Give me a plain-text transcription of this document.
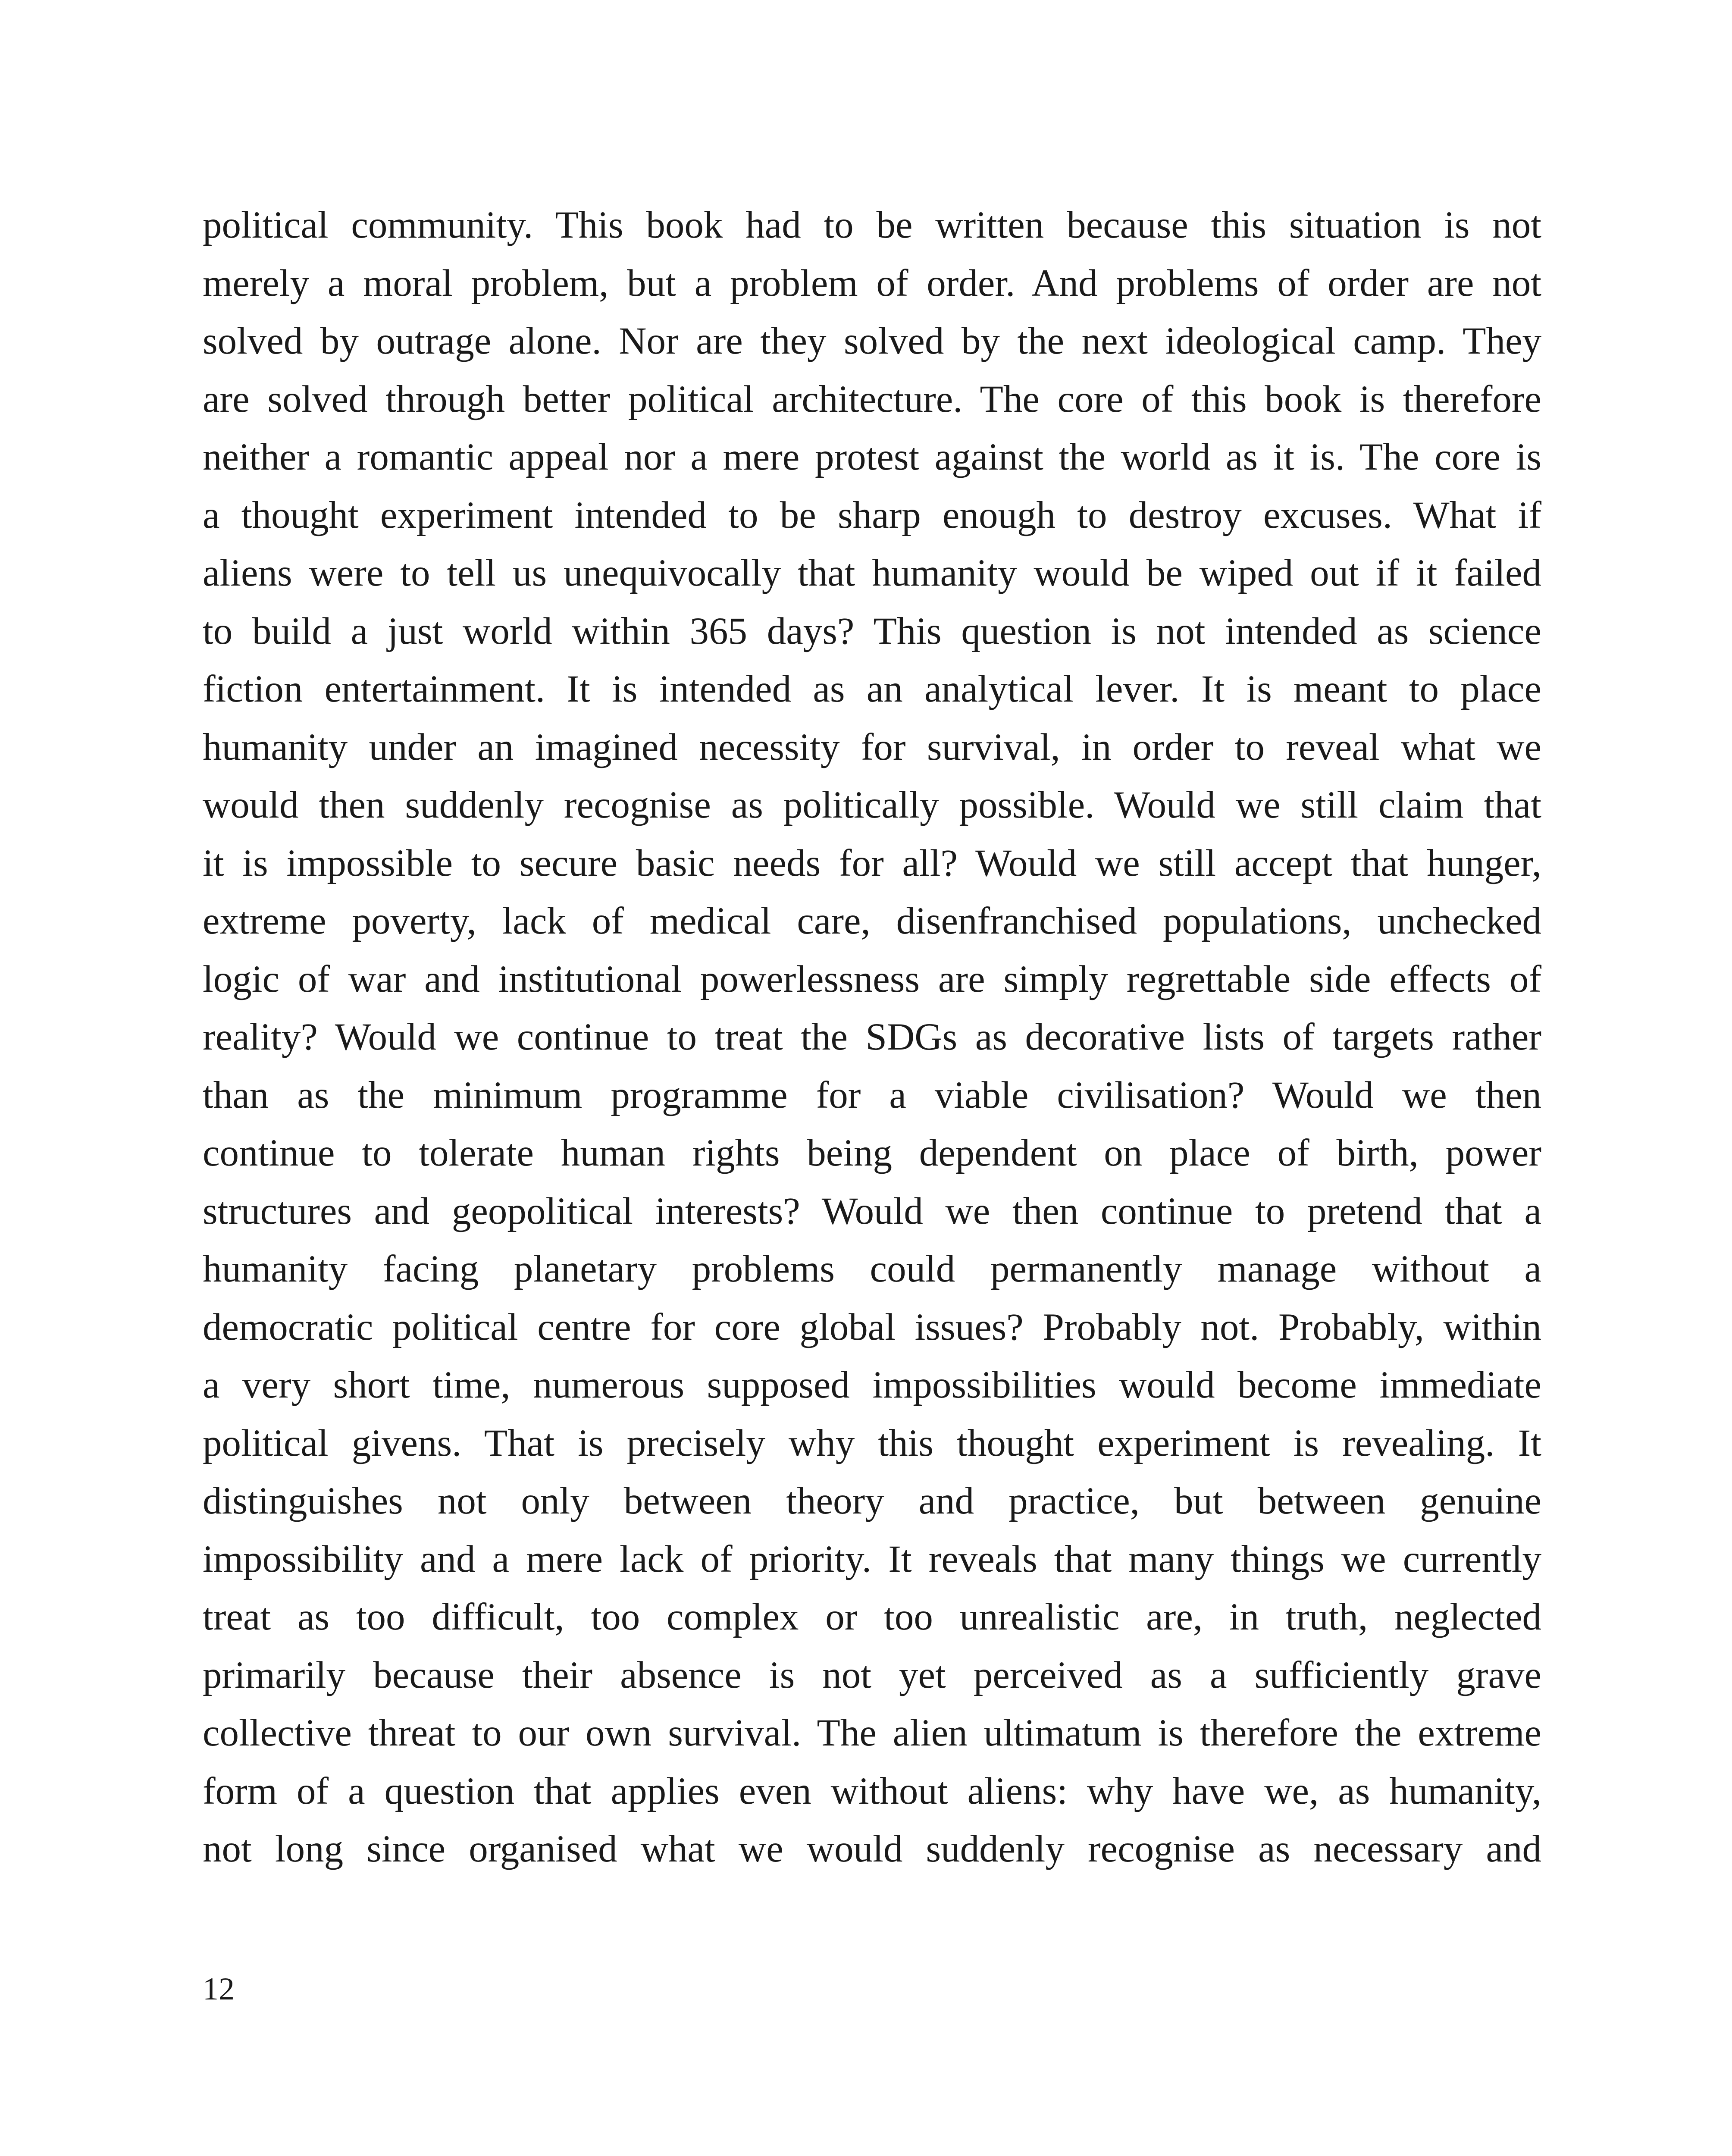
political community. This book had to be written because this situation is not
merely a moral problem, but a problem of order. And problems of order are not
solved by outrage alone. Nor are they solved by the next ideological camp. They
are solved through better political architecture. The core of this book is therefore
neither a romantic appeal nor a mere protest against the world as it is. The core is
a thought experiment intended to be sharp enough to destroy excuses. What if
aliens were to tell us unequivocally that humanity would be wiped out if it failed
to build a just world within 365 days? This question is not intended as science
fiction entertainment. It is intended as an analytical lever. It is meant to place
humanity under an imagined necessity for survival, in order to reveal what we
would then suddenly recognise as politically possible. Would we still claim that
it is impossible to secure basic needs for all? Would we still accept that hunger,
extreme poverty, lack of medical care, disenfranchised populations, unchecked
logic of war and institutional powerlessness are simply regrettable side effects of
reality? Would we continue to treat the SDGs as decorative lists of targets rather
than as the minimum programme for a viable civilisation? Would we then
continue to tolerate human rights being dependent on place of birth, power
structures and geopolitical interests? Would we then continue to pretend that a
humanity facing planetary problems could permanently manage without a
democratic political centre for core global issues? Probably not. Probably, within
a very short time, numerous supposed impossibilities would become immediate
political givens. That is precisely why this thought experiment is revealing. It
distinguishes not only between theory and practice, but between genuine
impossibility and a mere lack of priority. It reveals that many things we currently
treat as too difficult, too complex or too unrealistic are, in truth, neglected
primarily because their absence is not yet perceived as a sufficiently grave
collective threat to our own survival. The alien ultimatum is therefore the extreme
form of a question that applies even without aliens: why have we, as humanity,
not long since organised what we would suddenly recognise as necessary and

12
